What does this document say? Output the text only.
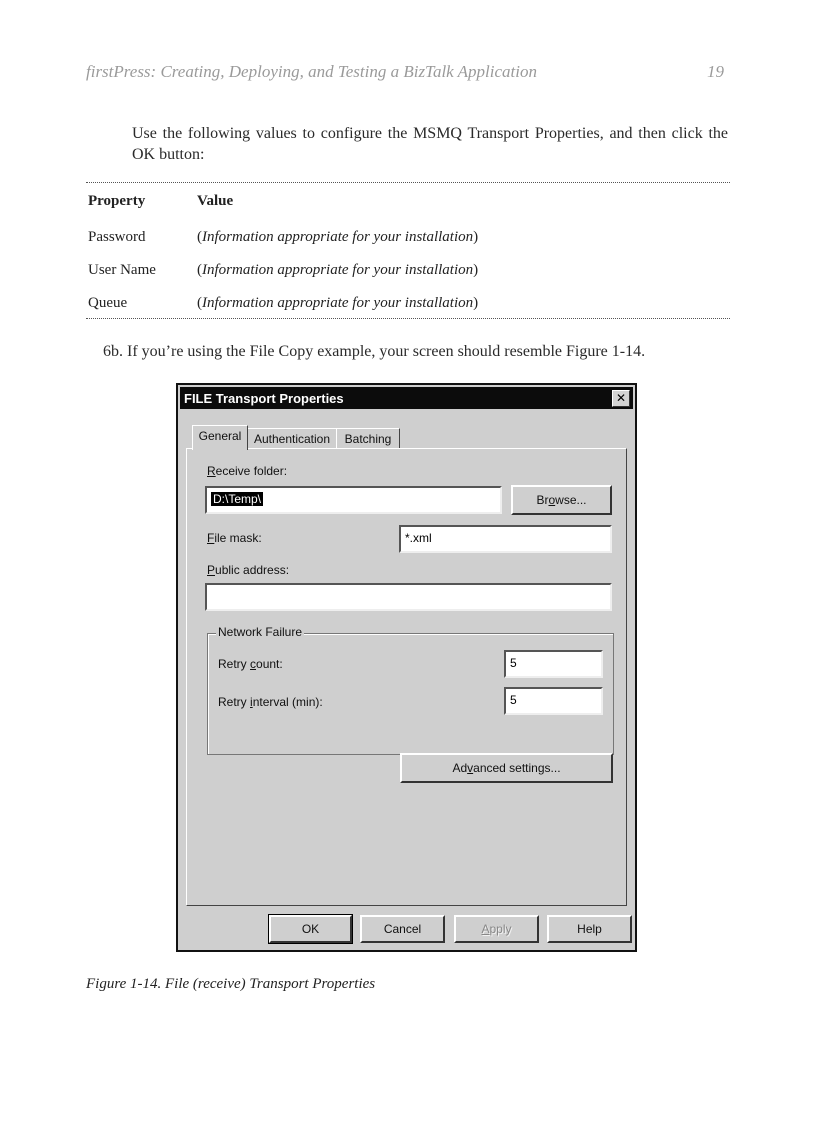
firstPress: Creating, Deploying, and Testing a BizTalk Application	19
Use the following values to configure the MSMQ Transport Properties, and then click the OK button:
Property	Value
Password	(Information appropriate for your installation)
User Name	(Information appropriate for your installation)
Queue	(Information appropriate for your installation)
6b. If you’re using the File Copy example, your screen should resemble Figure 1-14.
FILE Transport Properties	✕
General	Authentication	Batching
Receive folder:
D:\Temp\	Browse...
File mask:	*.xml
Public address:
Network Failure
Retry count:	5
Retry interval (min):	5
Advanced settings...
OK	Cancel	Apply	Help
Figure 1-14. File (receive) Transport Properties
